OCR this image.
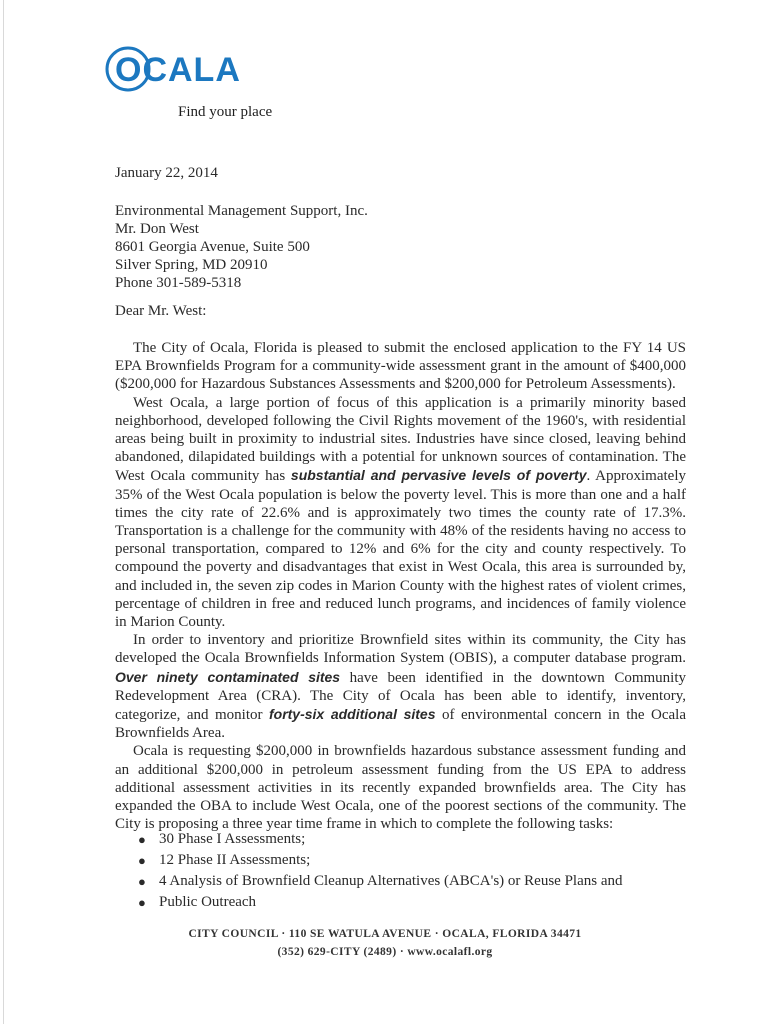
OCALA
Find your place
January 22, 2014
Environmental Management Support, Inc.
Mr. Don West
8601 Georgia Avenue, Suite 500
Silver Spring, MD 20910
Phone 301-589-5318
Dear Mr. West:

The City of Ocala, Florida is pleased to submit the enclosed application to the FY 14 US EPA Brownfields Program for a community-wide assessment grant in the amount of $400,000 ($200,000 for Hazardous Substances Assessments and $200,000 for Petroleum Assessments).

West Ocala, a large portion of focus of this application is a primarily minority based neighborhood, developed following the Civil Rights movement of the 1960's, with residential areas being built in proximity to industrial sites. Industries have since closed, leaving behind abandoned, dilapidated buildings with a potential for unknown sources of contamination. The West Ocala community has substantial and pervasive levels of poverty. Approximately 35% of the West Ocala population is below the poverty level. This is more than one and a half times the city rate of 22.6% and is approximately two times the county rate of 17.3%. Transportation is a challenge for the community with 48% of the residents having no access to personal transportation, compared to 12% and 6% for the city and county respectively. To compound the poverty and disadvantages that exist in West Ocala, this area is surrounded by, and included in, the seven zip codes in Marion County with the highest rates of violent crimes, percentage of children in free and reduced lunch programs, and incidences of family violence in Marion County.

In order to inventory and prioritize Brownfield sites within its community, the City has developed the Ocala Brownfields Information System (OBIS), a computer database program. Over ninety contaminated sites have been identified in the downtown Community Redevelopment Area (CRA). The City of Ocala has been able to identify, inventory, categorize, and monitor forty-six additional sites of environmental concern in the Ocala Brownfields Area.

Ocala is requesting $200,000 in brownfields hazardous substance assessment funding and an additional $200,000 in petroleum assessment funding from the US EPA to address additional assessment activities in its recently expanded brownfields area. The City has expanded the OBA to include West Ocala, one of the poorest sections of the community. The City is proposing a three year time frame in which to complete the following tasks:

● 30 Phase I Assessments;
● 12 Phase II Assessments;
● 4 Analysis of Brownfield Cleanup Alternatives (ABCA's) or Reuse Plans and
● Public Outreach
CITY COUNCIL · 110 SE WATULA AVENUE · OCALA, FLORIDA 34471
(352) 629-CITY (2489) · www.ocalafl.org
